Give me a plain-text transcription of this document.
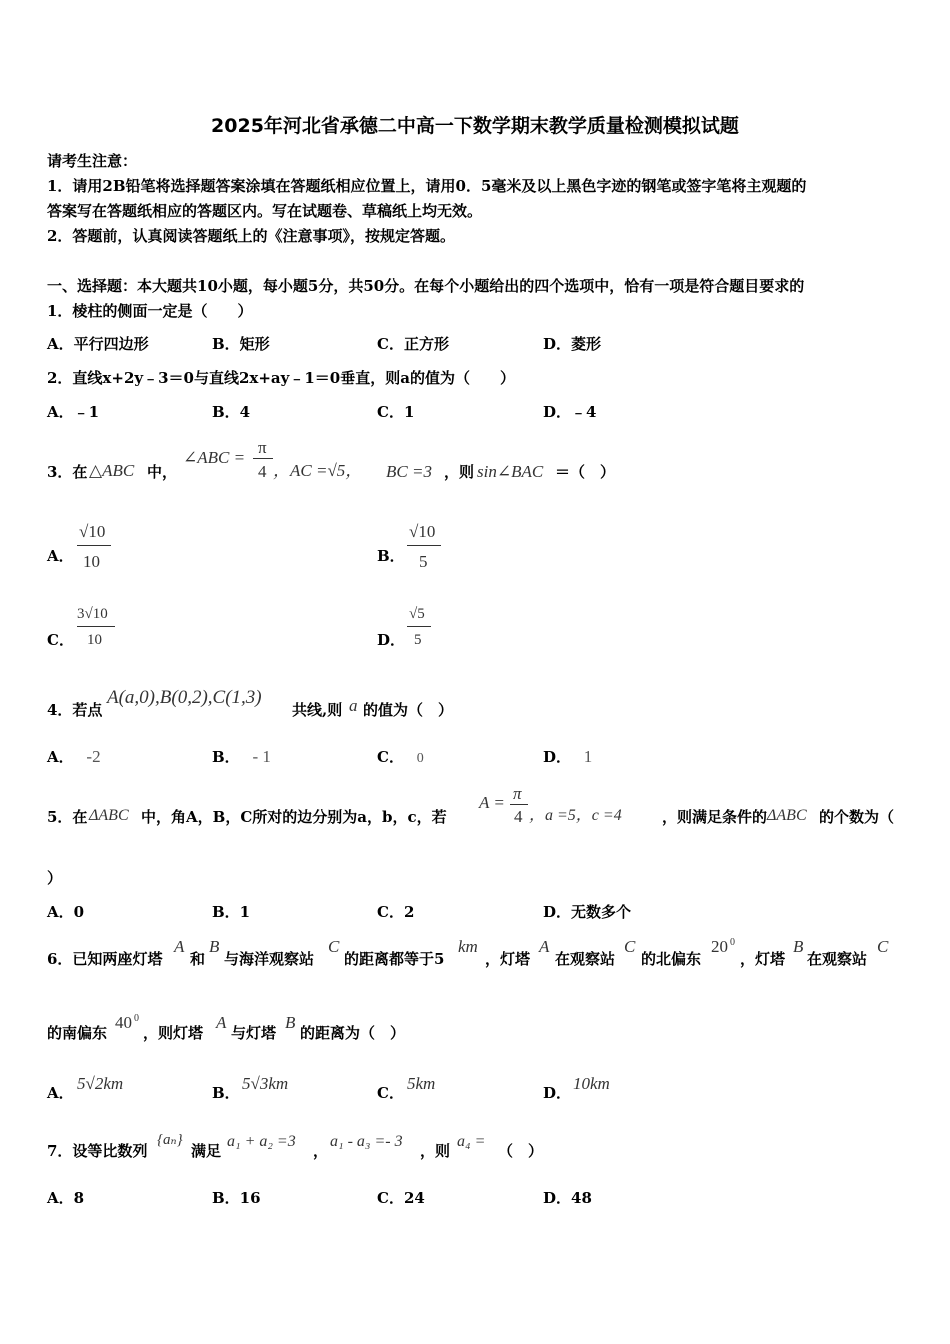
2025年河北省承德二中高一下数学期末教学质量检测模拟试题
请考生注意：
1．请用2B铅笔将选择题答案涂填在答题纸相应位置上，请用0．5毫米及以上黑色字迹的钢笔或签字笔将主观题的
答案写在答题纸相应的答题区内。写在试题卷、草稿纸上均无效。
2．答题前，认真阅读答题纸上的《注意事项》，按规定答题。
一、选择题：本大题共10小题，每小题5分，共50分。在每个小题给出的四个选项中，恰有一项是符合题目要求的
1．棱柱的侧面一定是（　　）
A．平行四边形	B．矩形	C．正方形	D．菱形
2．直线x+2y﹣3＝0与直线2x+ay﹣1＝0垂直，则a的值为（　　）
A．﹣1	B．4	C．1	D．﹣4
3．在 △ABC 中，
∠ABC =
π
4 ，AC =√5， BC =3 ，则 sin∠BAC ＝（　）
A．
√10
10	B．
√10
5
C．
3√10
10	D．
√5
5
4．若点
A(a,0),B(0,2),C(1,3)
共线,则 a 的值为（　）
A． -2	B． - 1	C． 0	D． 1
5．在 ΔABC 中，角A，B，C所对的边分别为a，b，c，若
A = π
4 ，a =5，c =4	，则满足条件的 ΔABC 的个数为（
）
A．0	B．1	C．2	D．无数多个
6．已知两座灯塔
A
和
B
与海洋观察站
C
的距离都等于5
km
，灯塔
A
在观察站
C
的北偏东
20 0
，灯塔
B
在观察站
C
的南偏东
40 0
，则灯塔
A
与灯塔
B
的距离为（　）
A． 5√2km	B． 5√3km	C． 5km	D． 10km
7．设等比数列
{aₙ}
满足
a₁ + a₂ =3
，
a₁ - a₃ =- 3
，则
a₄ =
（　）
A．8	B．16	C．24	D．48
